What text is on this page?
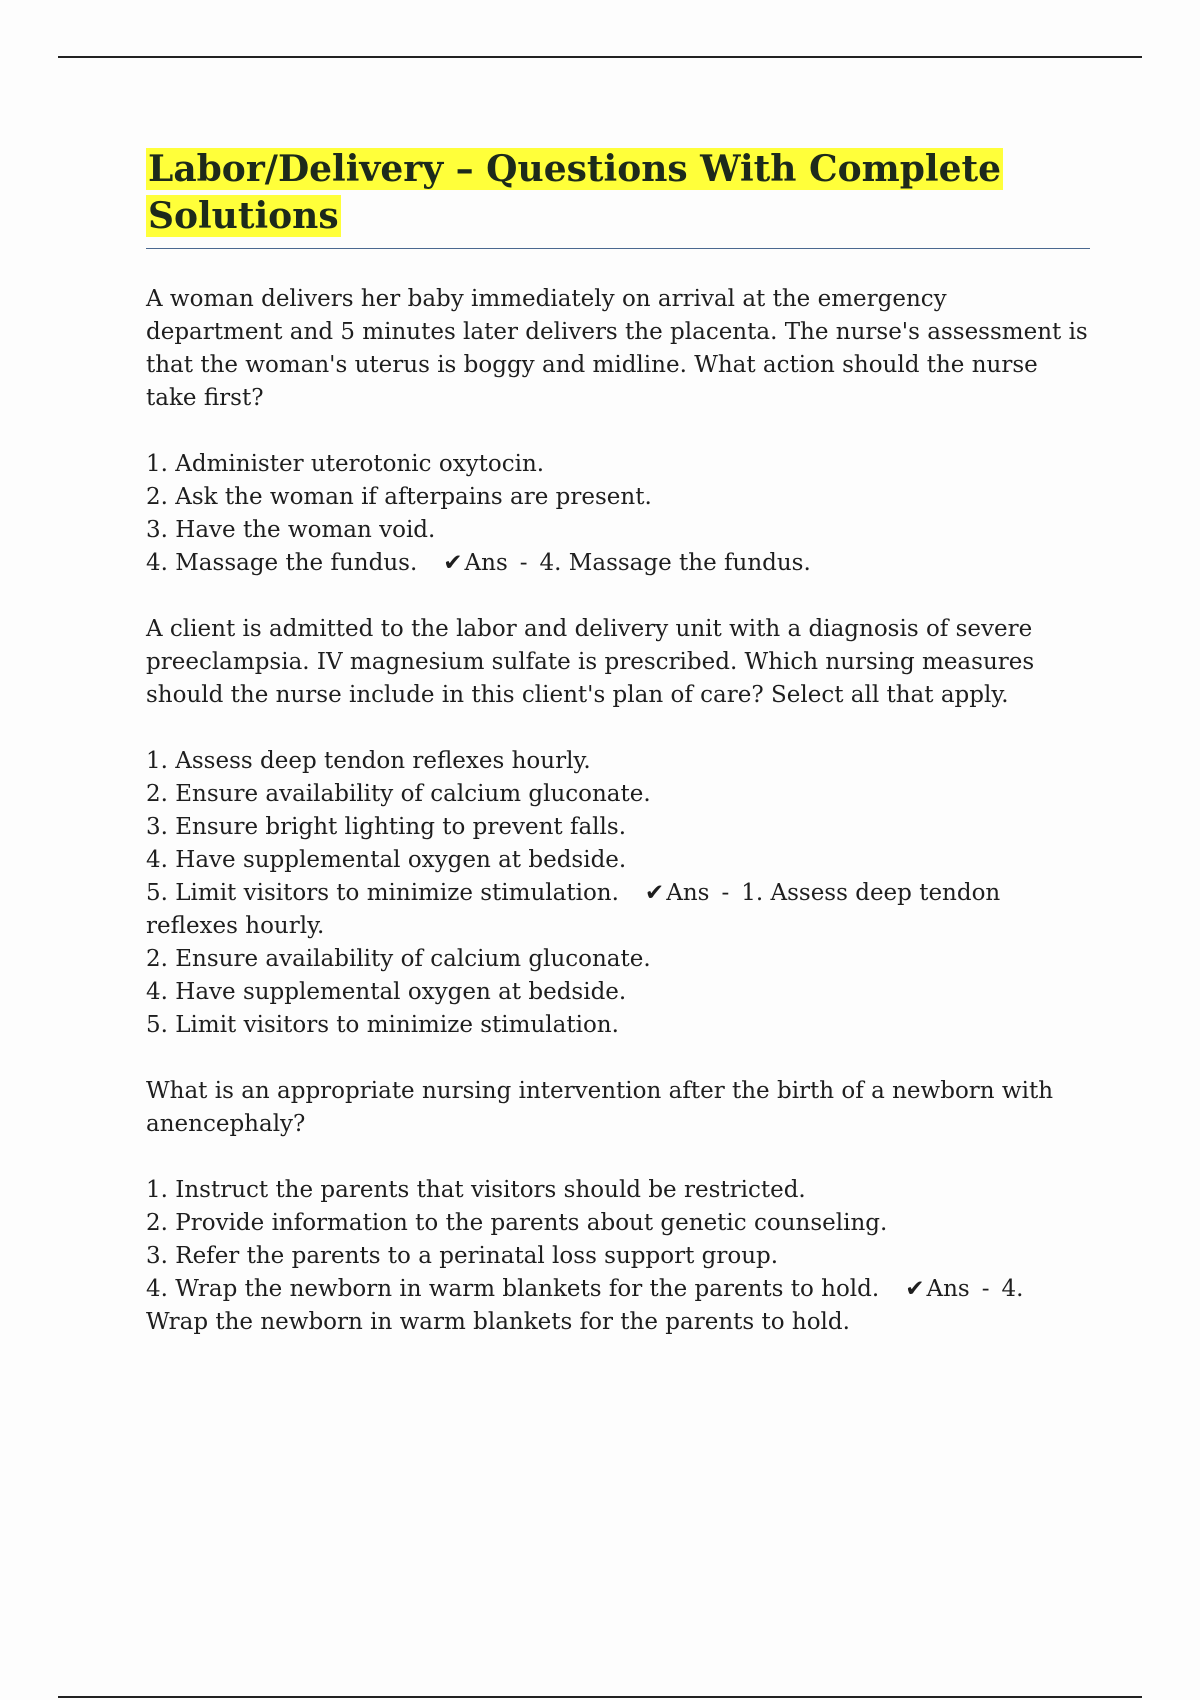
Labor/Delivery – Questions With Complete
Solutions

A woman delivers her baby immediately on arrival at the emergency department and 5 minutes later delivers the placenta. The nurse's assessment is that the woman's uterus is boggy and midline. What action should the nurse take first?

1. Administer uterotonic oxytocin.

2. Ask the woman if afterpains are present.

3. Have the woman void.

4. Massage the fundus. ✔Ans - 4. Massage the fundus.

A client is admitted to the labor and delivery unit with a diagnosis of severe preeclampsia. IV magnesium sulfate is prescribed. Which nursing measures should the nurse include in this client's plan of care? Select all that apply.

1. Assess deep tendon reflexes hourly.

2. Ensure availability of calcium gluconate.

3. Ensure bright lighting to prevent falls.

4. Have supplemental oxygen at bedside.

5. Limit visitors to minimize stimulation. ✔Ans - 1. Assess deep tendon reflexes hourly.

2. Ensure availability of calcium gluconate.

4. Have supplemental oxygen at bedside.

5. Limit visitors to minimize stimulation.

What is an appropriate nursing intervention after the birth of a newborn with anencephaly?

1. Instruct the parents that visitors should be restricted.

2. Provide information to the parents about genetic counseling.

3. Refer the parents to a perinatal loss support group.

4. Wrap the newborn in warm blankets for the parents to hold. ✔Ans - 4. Wrap the newborn in warm blankets for the parents to hold.
